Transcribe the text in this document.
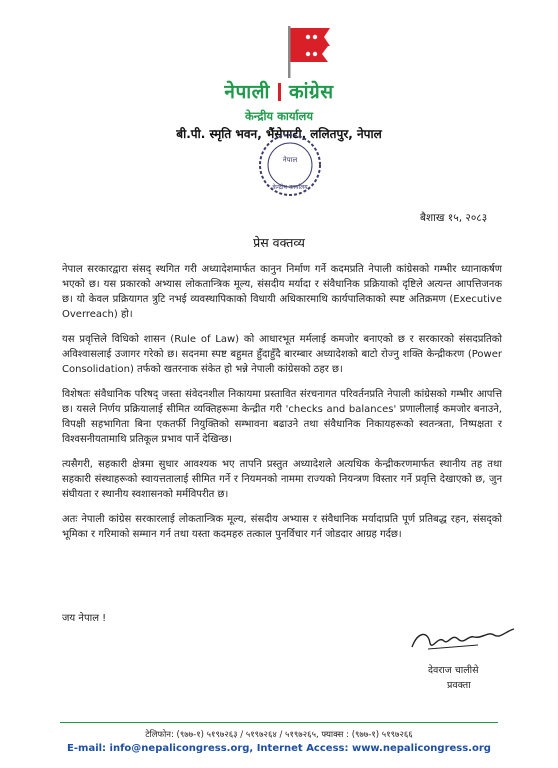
नेपाली कांग्रेस
केन्द्रीय कार्यालय
बी.पी. स्मृति भवन, भैंसेपाटी, ललितपुर, नेपाल
नेपाल
केन्द्रीय कार्यालय
बैशाख १५, २०८३
प्रेस वक्तव्य

नेपाल सरकारद्वारा संसद् स्थगित गरी अध्यादेशमार्फत कानुन निर्माण गर्ने कदमप्रति नेपाली कांग्रेसको गम्भीर ध्यानाकर्षण भएको छ। यस प्रकारको अभ्यास लोकतान्त्रिक मूल्य, संसदीय मर्यादा र संवैधानिक प्रक्रियाको दृष्टिले अत्यन्त आपत्तिजनक छ। यो केवल प्रक्रियागत त्रुटि नभई व्यवस्थापिकाको विधायी अधिकारमाथि कार्यपालिकाको स्पष्ट अतिक्रमण (Executive Overreach) हो।

यस प्रवृत्तिले विधिको शासन (Rule of Law) को आधारभूत मर्मलाई कमजोर बनाएको छ र सरकारको संसदप्रतिको अविश्वासलाई उजागर गरेको छ। सदनमा स्पष्ट बहुमत हुँदाहुँदै बारम्बार अध्यादेशको बाटो रोज्नु शक्ति केन्द्रीकरण (Power Consolidation) तर्फको खतरनाक संकेत हो भन्ने नेपाली कांग्रेसको ठहर छ।

विशेषतः संवैधानिक परिषद् जस्ता संवेदनशील निकायमा प्रस्तावित संरचनागत परिवर्तनप्रति नेपाली कांग्रेसको गम्भीर आपत्ति छ। यसले निर्णय प्रक्रियालाई सीमित व्यक्तिहरूमा केन्द्रीत गरी 'checks and balances' प्रणालीलाई कमजोर बनाउने, विपक्षी सहभागिता बिना एकतर्फी नियुक्तिको सम्भावना बढाउने तथा संवैधानिक निकायहरूको स्वतन्त्रता, निष्पक्षता र विश्वसनीयतामाथि प्रतिकूल प्रभाव पार्ने देखिन्छ।

त्यसैगरी, सहकारी क्षेत्रमा सुधार आवश्यक भए तापनि प्रस्तुत अध्यादेशले अत्यधिक केन्द्रीकरणमार्फत स्थानीय तह तथा सहकारी संस्थाहरूको स्वायत्ततालाई सीमित गर्ने र नियमनको नाममा राज्यको नियन्त्रण विस्तार गर्ने प्रवृत्ति देखाएको छ, जुन संघीयता र स्थानीय स्वशासनको मर्मविपरीत छ।

अतः नेपाली कांग्रेस सरकारलाई लोकतान्त्रिक मूल्य, संसदीय अभ्यास र संवैधानिक मर्यादाप्रति पूर्ण प्रतिबद्ध रहन, संसद्को भूमिका र गरिमाको सम्मान गर्न तथा यस्ता कदमहरु तत्काल पुनर्विचार गर्न जोडदार आग्रह गर्दछ।

जय नेपाल !
देवराज चालीसे
प्रवक्ता
टेलिफोन: (९७७-१) ५१९७२६३ / ५१९७२६४ / ५१९७२६५, फ्याक्स : (९७७-१) ५१९७२६६
E-mail: info@nepalicongress.org, Internet Access: www.nepalicongress.org
